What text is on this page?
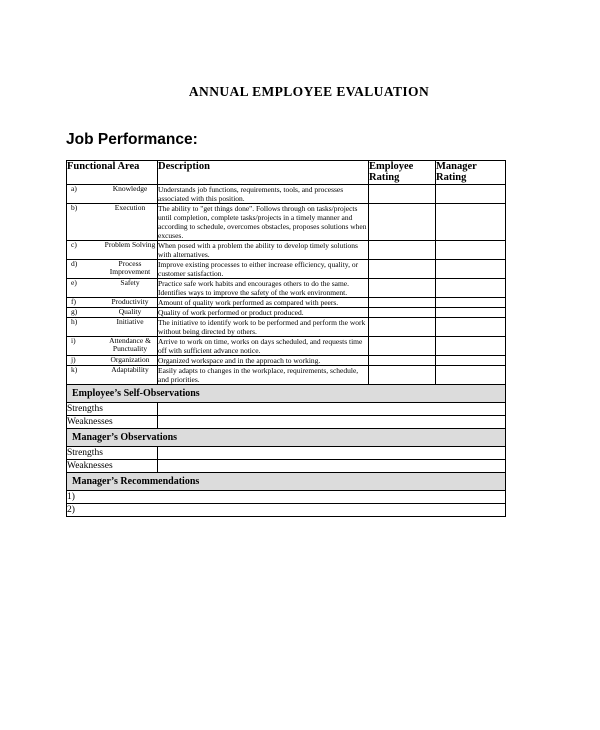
ANNUAL EMPLOYEE EVALUATION
Job Performance:
Functional Area	Description	Employee Rating	Manager Rating

a) Knowledge	Understands job functions, requirements, tools, and processes associated with this position.		

b) Execution	The ability to "get things done". Follows through on tasks/projects until completion, complete tasks/projects in a timely manner and according to schedule, overcomes obstacles, proposes solutions when excuses.		

c) Problem Solving	When posed with a problem the ability to develop timely solutions with alternatives.		

d) Process Improvement	Improve existing processes to either increase efficiency, quality, or customer satisfaction.		

e) Safety	Practice safe work habits and encourages others to do the same. Identifies ways to improve the safety of the work environment.		

f) Productivity	Amount of quality work performed as compared with peers.		

g) Quality	Quality of work performed or product produced.		

h) Initiative	The initiative to identify work to be performed and perform the work without being directed by others.		

i) Attendance & Punctuality	Arrive to work on time, works on days scheduled, and requests time off with sufficient advance notice.		

j) Organization	Organized workspace and in the approach to working.		

k) Adaptability	Easily adapts to changes in the workplace, requirements, schedule, and priorities.		
Employee’s Self-Observations			
Strengths			
Weaknesses			
Manager’s Observations			
Strengths			
Weaknesses			
Manager’s Recommendations			
1)			
2)			
